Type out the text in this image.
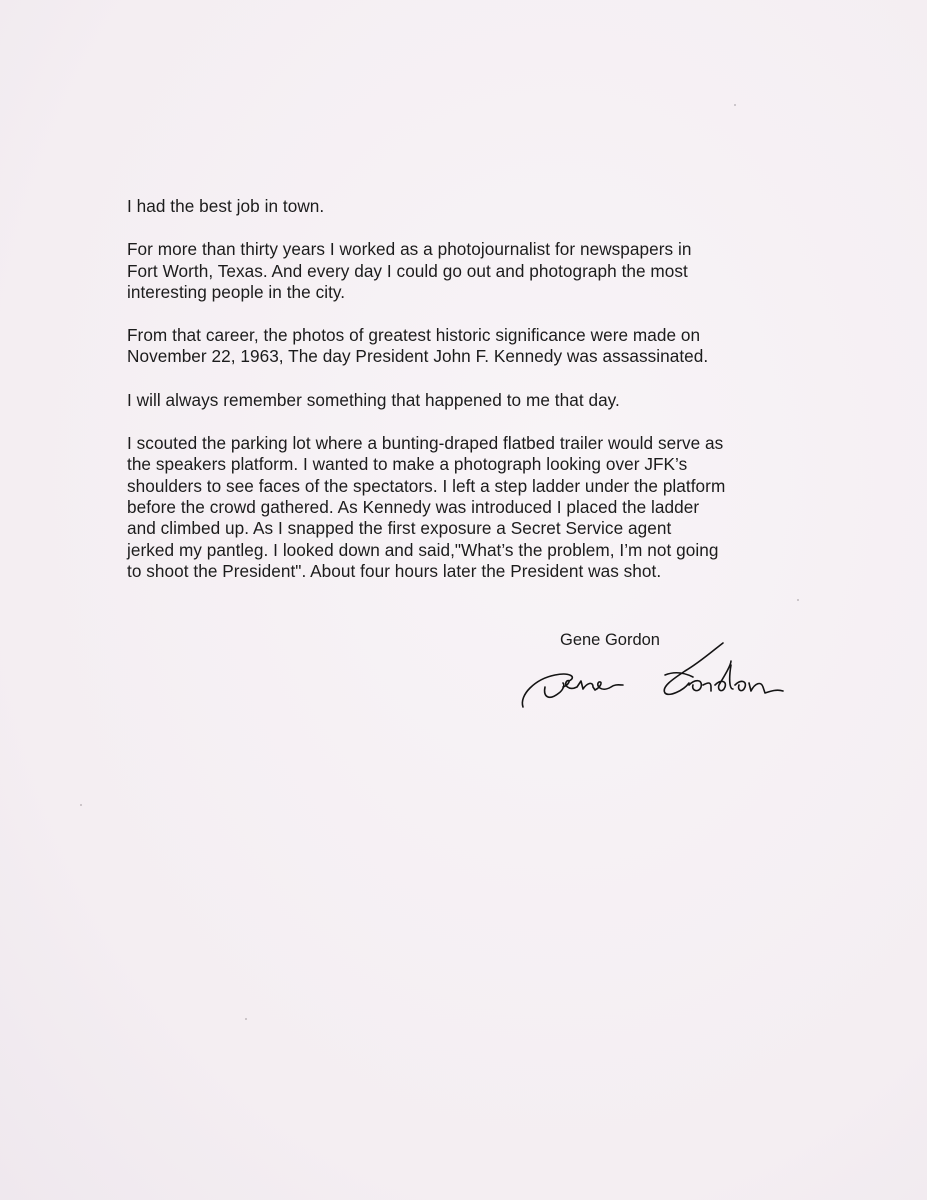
I had the best job in town.

For more than thirty years I worked as a photojournalist for newspapers in
Fort Worth, Texas. And every day I could go out and photograph the most
interesting people in the city.

From that career, the photos of greatest historic significance were made on
November 22, 1963, The day President John F. Kennedy was assassinated.

I will always remember something that happened to me that day.

I scouted the parking lot where a bunting-draped flatbed trailer would serve as
the speakers platform. I wanted to make a photograph looking over JFK’s
shoulders to see faces of the spectators. I left a step ladder under the platform
before the crowd gathered. As Kennedy was introduced I placed the ladder
and climbed up. As I snapped the first exposure a Secret Service agent
jerked my pantleg. I looked down and said,"What’s the problem, I’m not going
to shoot the President". About four hours later the President was shot.

Gene Gordon
